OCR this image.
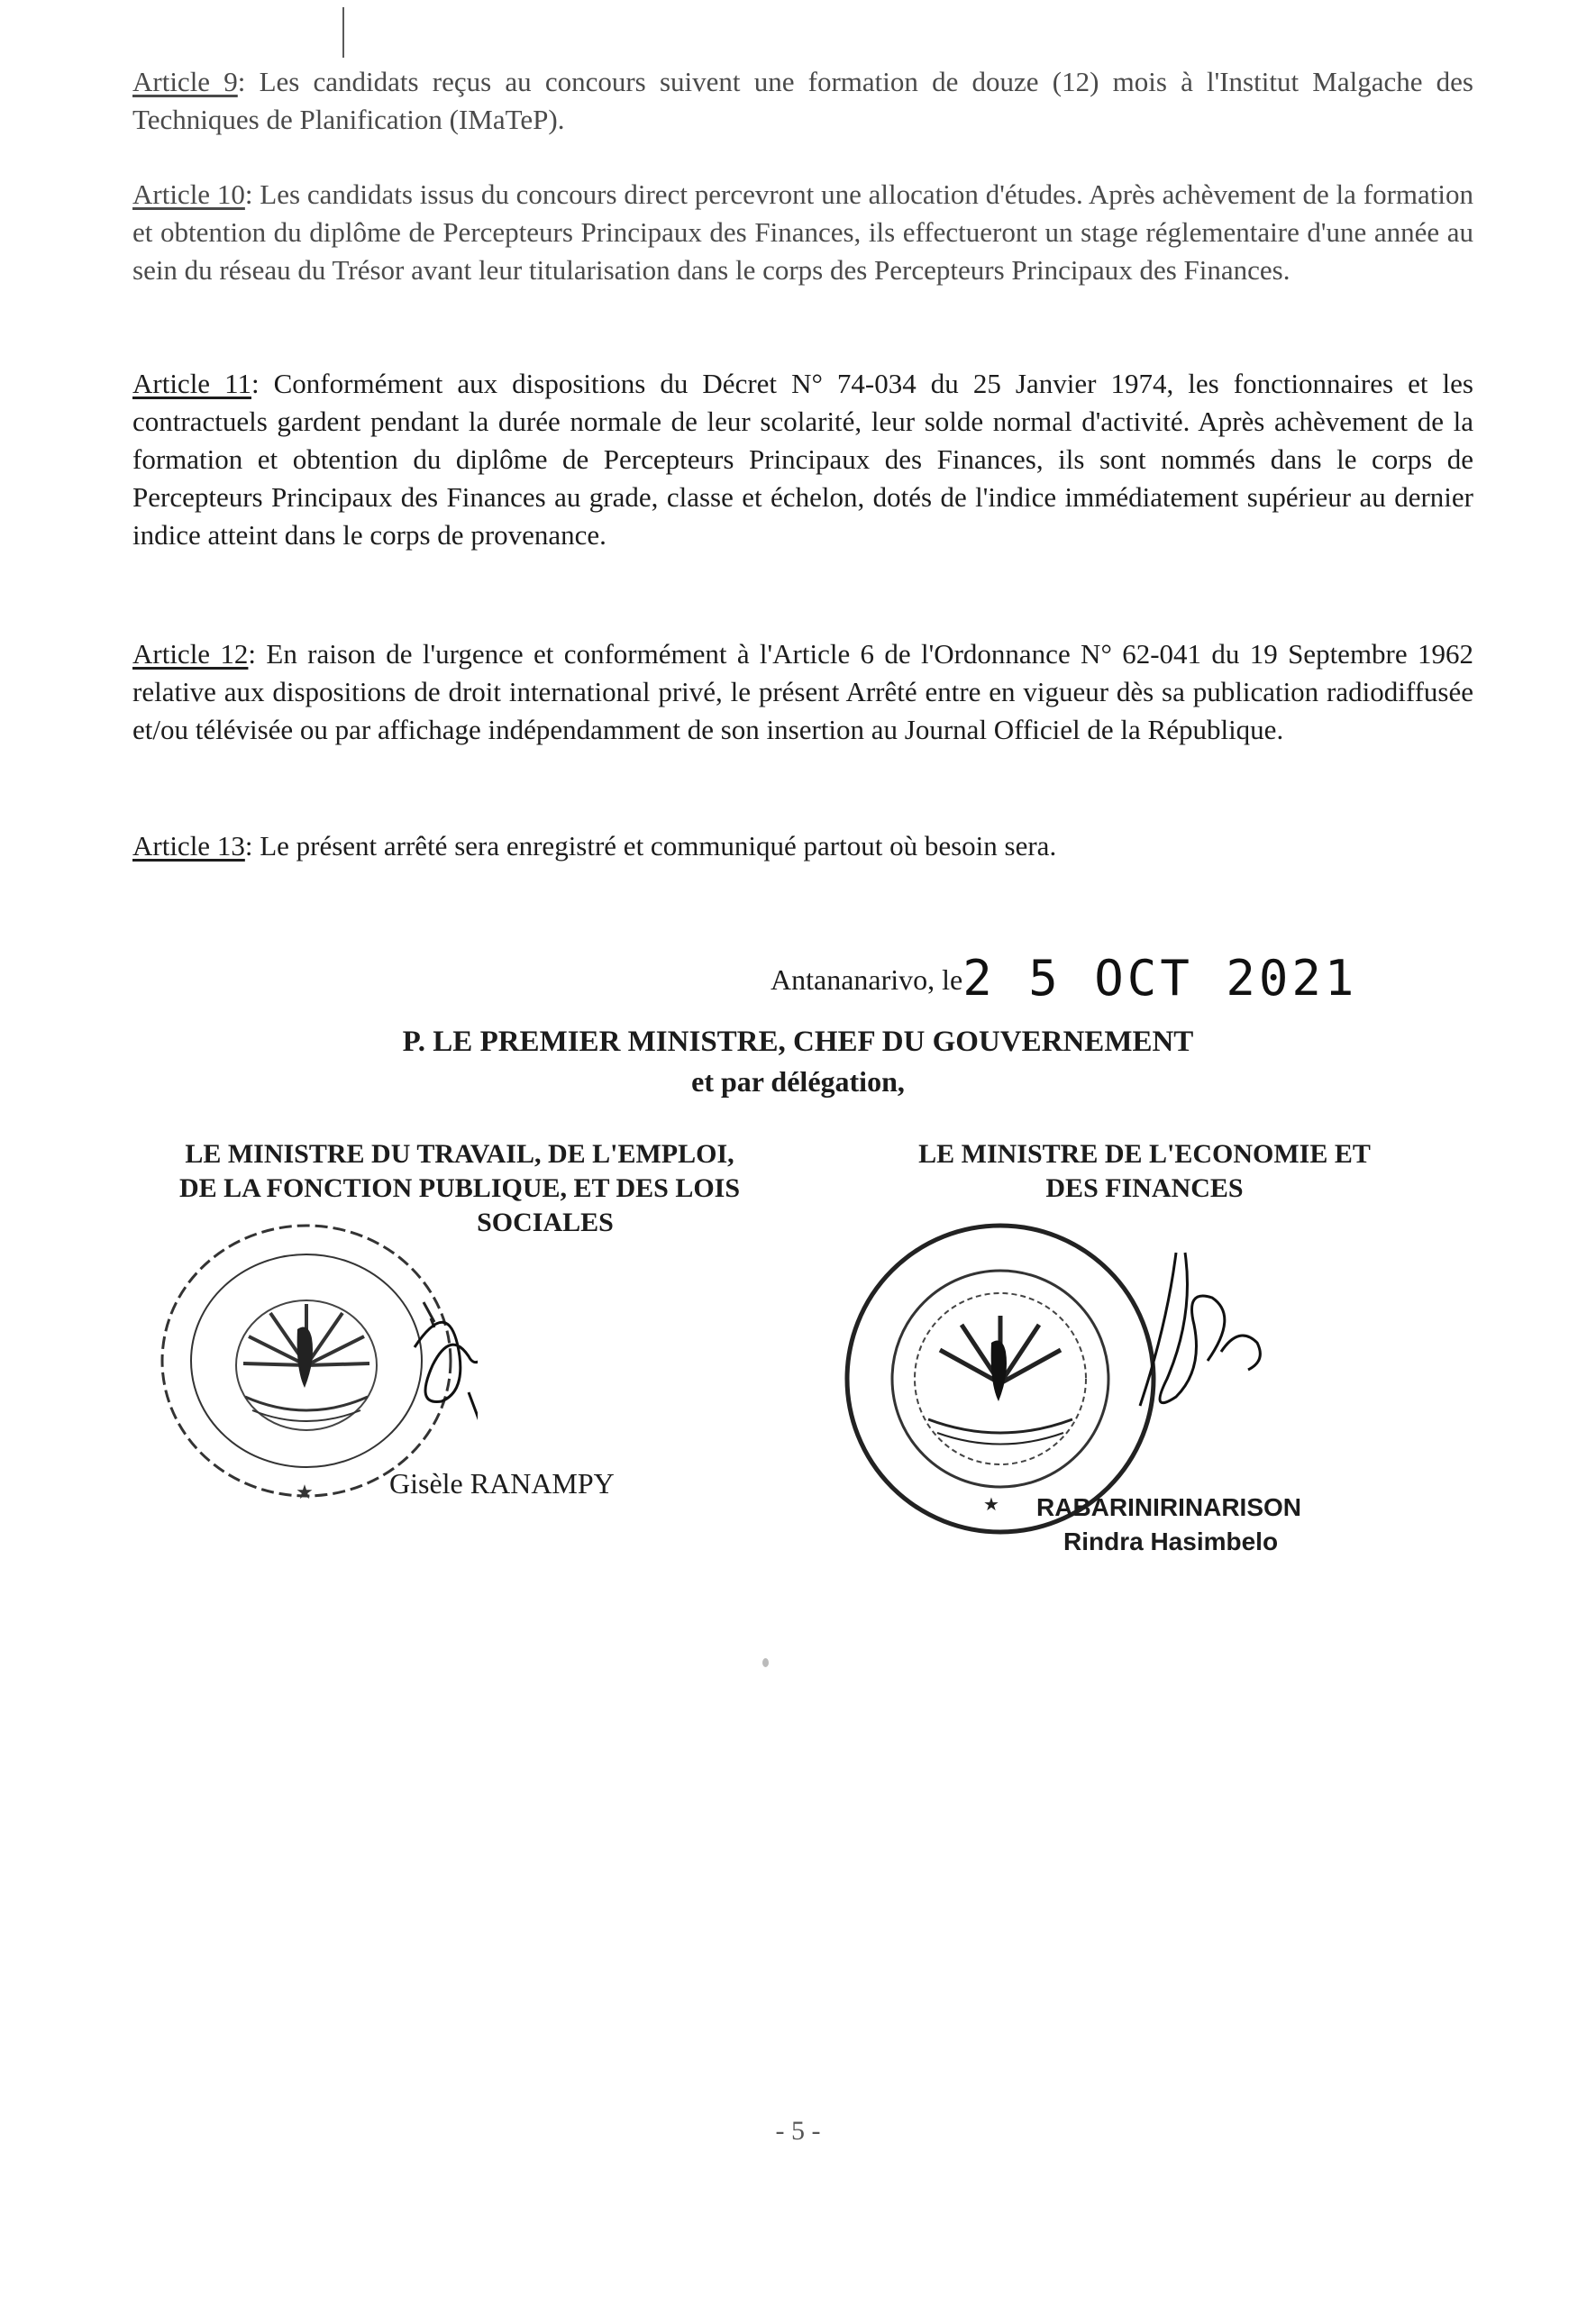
Article 9: Les candidats reçus au concours suivent une formation de douze (12) mois à l'Institut Malgache des Techniques de Planification (IMaTeP).

Article 10: Les candidats issus du concours direct percevront une allocation d'études. Après achèvement de la formation et obtention du diplôme de Percepteurs Principaux des Finances, ils effectueront un stage réglementaire d'une année au sein du réseau du Trésor avant leur titularisation dans le corps des Percepteurs Principaux des Finances.

Article 11: Conformément aux dispositions du Décret N° 74-034 du 25 Janvier 1974, les fonctionnaires et les contractuels gardent pendant la durée normale de leur scolarité, leur solde normal d'activité. Après achèvement de la formation et obtention du diplôme de Percepteurs Principaux des Finances, ils sont nommés dans le corps de Percepteurs Principaux des Finances au grade, classe et échelon, dotés de l'indice immédiatement supérieur au dernier indice atteint dans le corps de provenance.

Article 12: En raison de l'urgence et conformément à l'Article 6 de l'Ordonnance N° 62-041 du 19 Septembre 1962 relative aux dispositions de droit international privé, le présent Arrêté entre en vigueur dès sa publication radiodiffusée et/ou télévisée ou par affichage indépendamment de son insertion au Journal Officiel de la République.

Article 13: Le présent arrêté sera enregistré et communiqué partout où besoin sera.

Antananarivo, le2 5 OCT 2021
P. LE PREMIER MINISTRE, CHEF DU GOUVERNEMENT
et par délégation,
LE MINISTRE DU TRAVAIL, DE L'EMPLOI,
DE LA FONCTION PUBLIQUE, ET DES LOIS
SOCIALES
★	Gisèle RANAMPY
LE MINISTRE DE L'ECONOMIE ET
DES FINANCES
★ RABARINIRINARISON
Rindra Hasimbelo
- 5 -
